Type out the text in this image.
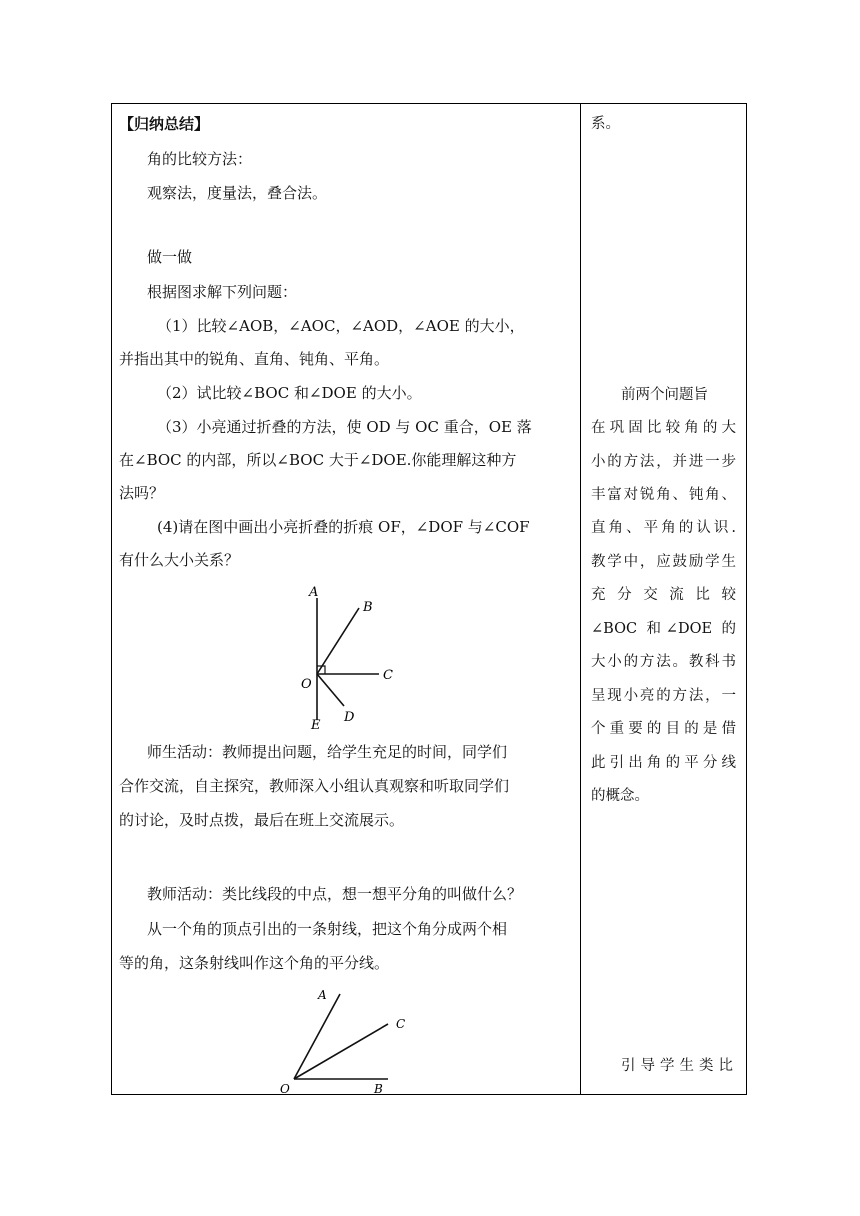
【归纳总结】
角的比较方法：
观察法，度量法，叠合法。
做一做
根据图求解下列问题：
（1）比较∠AOB，∠AOC，∠AOD，∠AOE 的大小，
并指出其中的锐角、直角、钝角、平角。
（2）试比较∠BOC 和∠DOE 的大小。
（3）小亮通过折叠的方法，使 OD 与 OC 重合，OE 落
在∠BOC 的内部，所以∠BOC 大于∠DOE.你能理解这种方
法吗？
(4)请在图中画出小亮折叠的折痕 OF，∠DOF 与∠COF
有什么大小关系？
A
B
C
O
D
E
师生活动：教师提出问题，给学生充足的时间，同学们
合作交流，自主探究，教师深入小组认真观察和听取同学们
的讨论，及时点拨，最后在班上交流展示。
教师活动：类比线段的中点，想一想平分角的叫做什么？
从一个角的顶点引出的一条射线，把这个角分成两个相
等的角，这条射线叫作这个角的平分线。
A
C
O	B
系。
前两个问题旨
在巩固比较角的大
小的方法，并进一步
丰富对锐角、钝角、
直角、平角的认识.
教学中，应鼓励学生
充分交流比较
∠BOC 和∠DOE 的
大小的方法。教科书
呈现小亮的方法，一
个重要的目的是借
此引出角的平分线
的概念。
引导学生类比
